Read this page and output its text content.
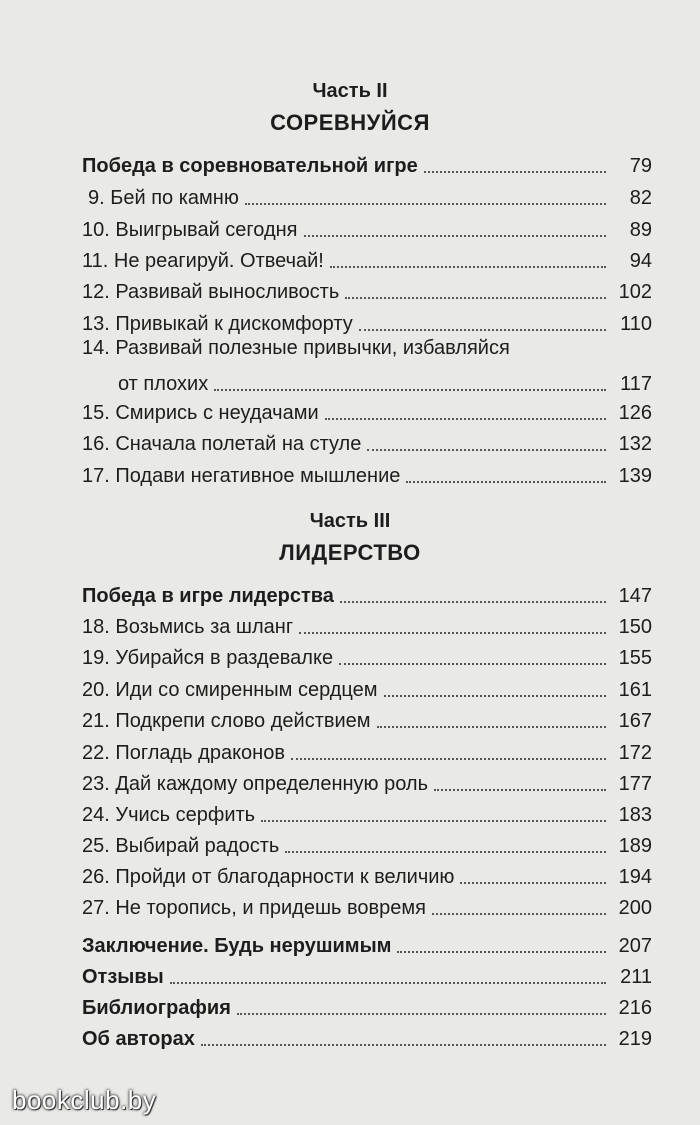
Часть II
СОРЕВНУЙСЯ
Победа в соревновательной игре	79
9. Бей по камню	82
10. Выигрывай сегодня	89
11. Не реагируй. Отвечай!	94
12. Развивай выносливость	102
13. Привыкай к дискомфорту	110
14. Развивай полезные привычки, избавляйся
от плохих	117
15. Смирись с неудачами	126
16. Сначала полетай на стуле	132
17. Подави негативное мышление	139
Часть III
ЛИДЕРСТВО
Победа в игре лидерства	147
18. Возьмись за шланг	150
19. Убирайся в раздевалке	155
20. Иди со смиренным сердцем	161
21. Подкрепи слово действием	167
22. Погладь драконов	172
23. Дай каждому определенную роль	177
24. Учись серфить	183
25. Выбирай радость	189
26. Пройди от благодарности к величию	194
27. Не торопись, и придешь вовремя	200
Заключение. Будь нерушимым	207
Отзывы	211
Библиография	216
Об авторах	219
bookclub.by
